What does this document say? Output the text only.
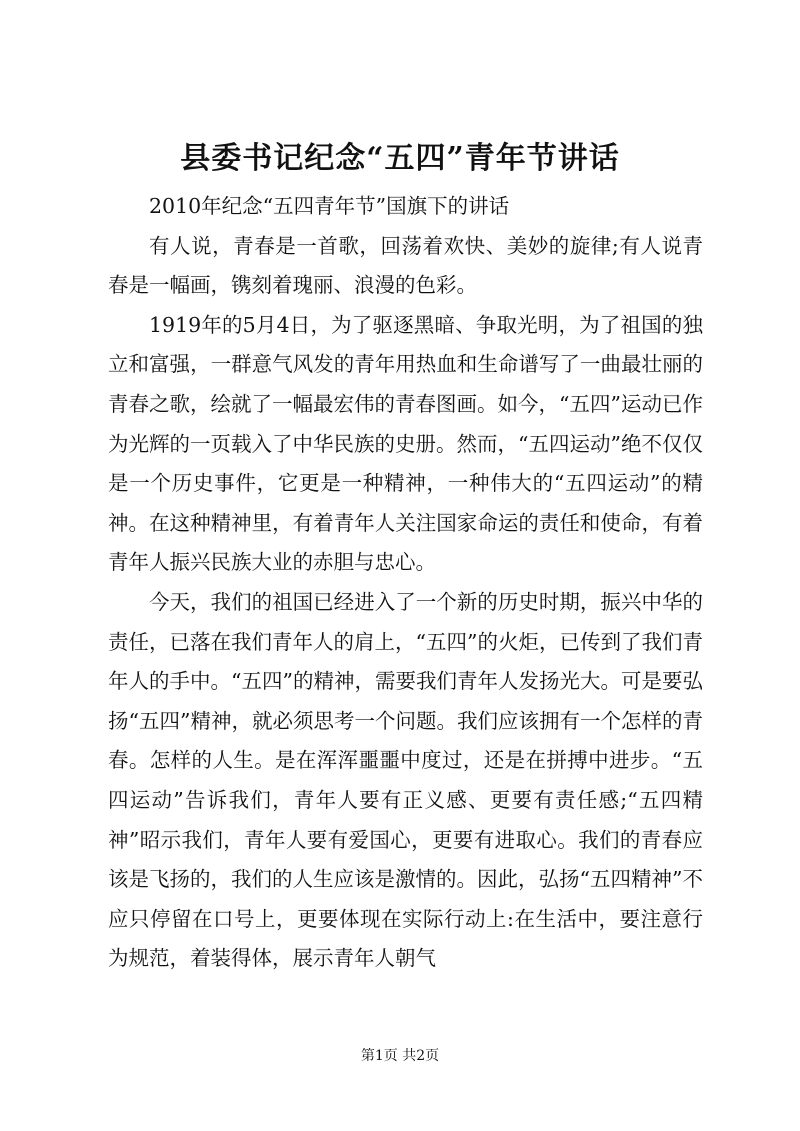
县委书记纪念“五四”青年节讲话

2010年纪念“五四青年节”国旗下的讲话

有人说，青春是一首歌，回荡着欢快、美妙的旋律;有人说青春是一幅画，镌刻着瑰丽、浪漫的色彩。

1919年的5月4日，为了驱逐黑暗、争取光明，为了祖国的独立和富强，一群意气风发的青年用热血和生命谱写了一曲最壮丽的青春之歌，绘就了一幅最宏伟的青春图画。如今，“五四”运动已作为光辉的一页载入了中华民族的史册。然而，“五四运动”绝不仅仅是一个历史事件，它更是一种精神，一种伟大的“五四运动”的精神。在这种精神里，有着青年人关注国家命运的责任和使命，有着青年人振兴民族大业的赤胆与忠心。

今天，我们的祖国已经进入了一个新的历史时期，振兴中华的责任，已落在我们青年人的肩上，“五四”的火炬，已传到了我们青年人的手中。“五四”的精神，需要我们青年人发扬光大。可是要弘扬“五四”精神，就必须思考一个问题。我们应该拥有一个怎样的青春。怎样的人生。是在浑浑噩噩中度过，还是在拼搏中进步。“五四运动”告诉我们，青年人要有正义感、更要有责任感;“五四精神”昭示我们，青年人要有爱国心，更要有进取心。我们的青春应该是飞扬的，我们的人生应该是激情的。因此，弘扬“五四精神”不应只停留在口号上，更要体现在实际行动上:在生活中，要注意行为规范，着装得体，展示青年人朝气

第1页 共2页
